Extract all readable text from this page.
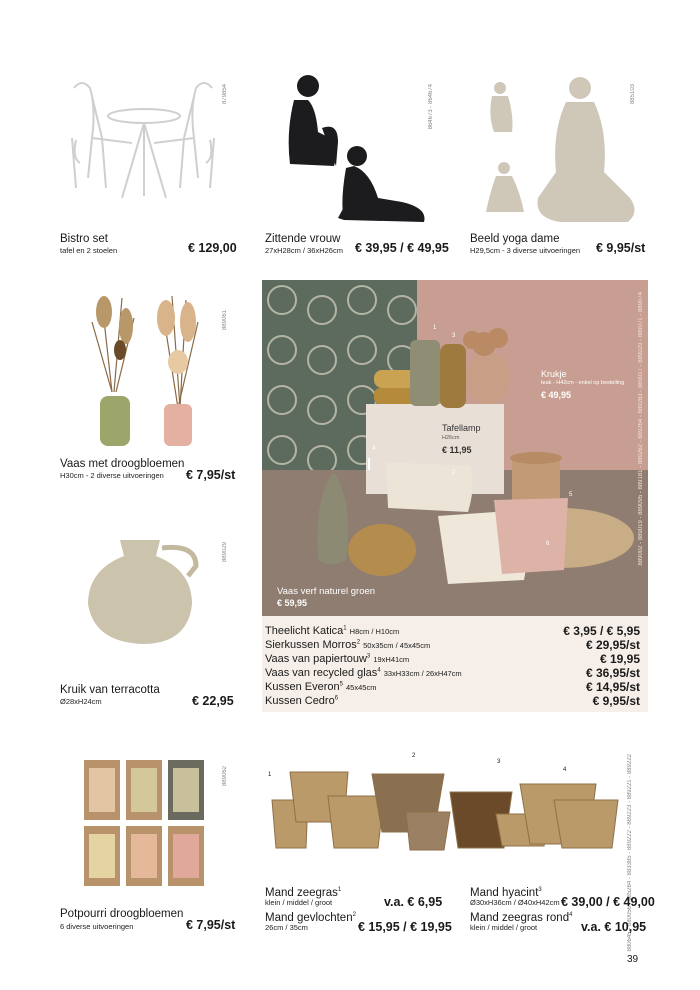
879854
Bistro set
tafel en 2 stoelen	€ 129,00
864673 - 864674
Zittende vrouw
27xH28cm / 36xH26cm € 39,95 / € 49,95
885103
Beeld yoga dame
H29,5cm - 3 diverse uitvoeringen € 9,95/st
889061
Vaas met droogbloemen
H30cm - 2 diverse uitvoeringen € 7,95/st
889029
Kruik van terracotta
Ø28xH24cm	€ 22,95
889002 - 889019 - 889095 - 889181 - 889262 - 889264 - 889283 - 889017 - 889020 - 889071 - 889074
Krukje
teak - H42cm - enkel op bestelling
€ 49,95
Tafellamp
H26cm
€ 11,95
Vaas verf naturel groen
€ 59,95
1
2
3
4
5
6
Theelicht Katica$^1$ H8cm / H10cm	€ 3,95 / € 5,95
Sierkussen Morros$^2$ 50x35cm / 45x45cm	€ 29,95/st
Vaas van papiertouw$^3$ 19xH41cm	€ 19,95
Vaas van recycled glas$^4$ 33xH33cm / 26xH47cm	€ 36,95/st
Kussen Everon$^5$ 45x45cm	€ 14,95/st
Kussen Cedro$^6$	€ 9,95/st
889062
Potpourri droogbloemen
6 diverse uitvoeringen	€ 7,95/st
1
2
3
4	880645 - 880056 - 885284 - 883385 - 889222 - 889223 - 889221 - 889222
Mand zeegras$^1$
klein / middel / groot	v.a. € 6,95
Mand gevlochten$^2$
26cm / 35cm	€ 15,95 / € 19,95
Mand hyacint$^3$
Ø30xH36cm / Ø40xH42cm € 39,00 / € 49,00
Mand zeegras rond$^4$
klein / middel / groot	v.a. € 10,95
39
